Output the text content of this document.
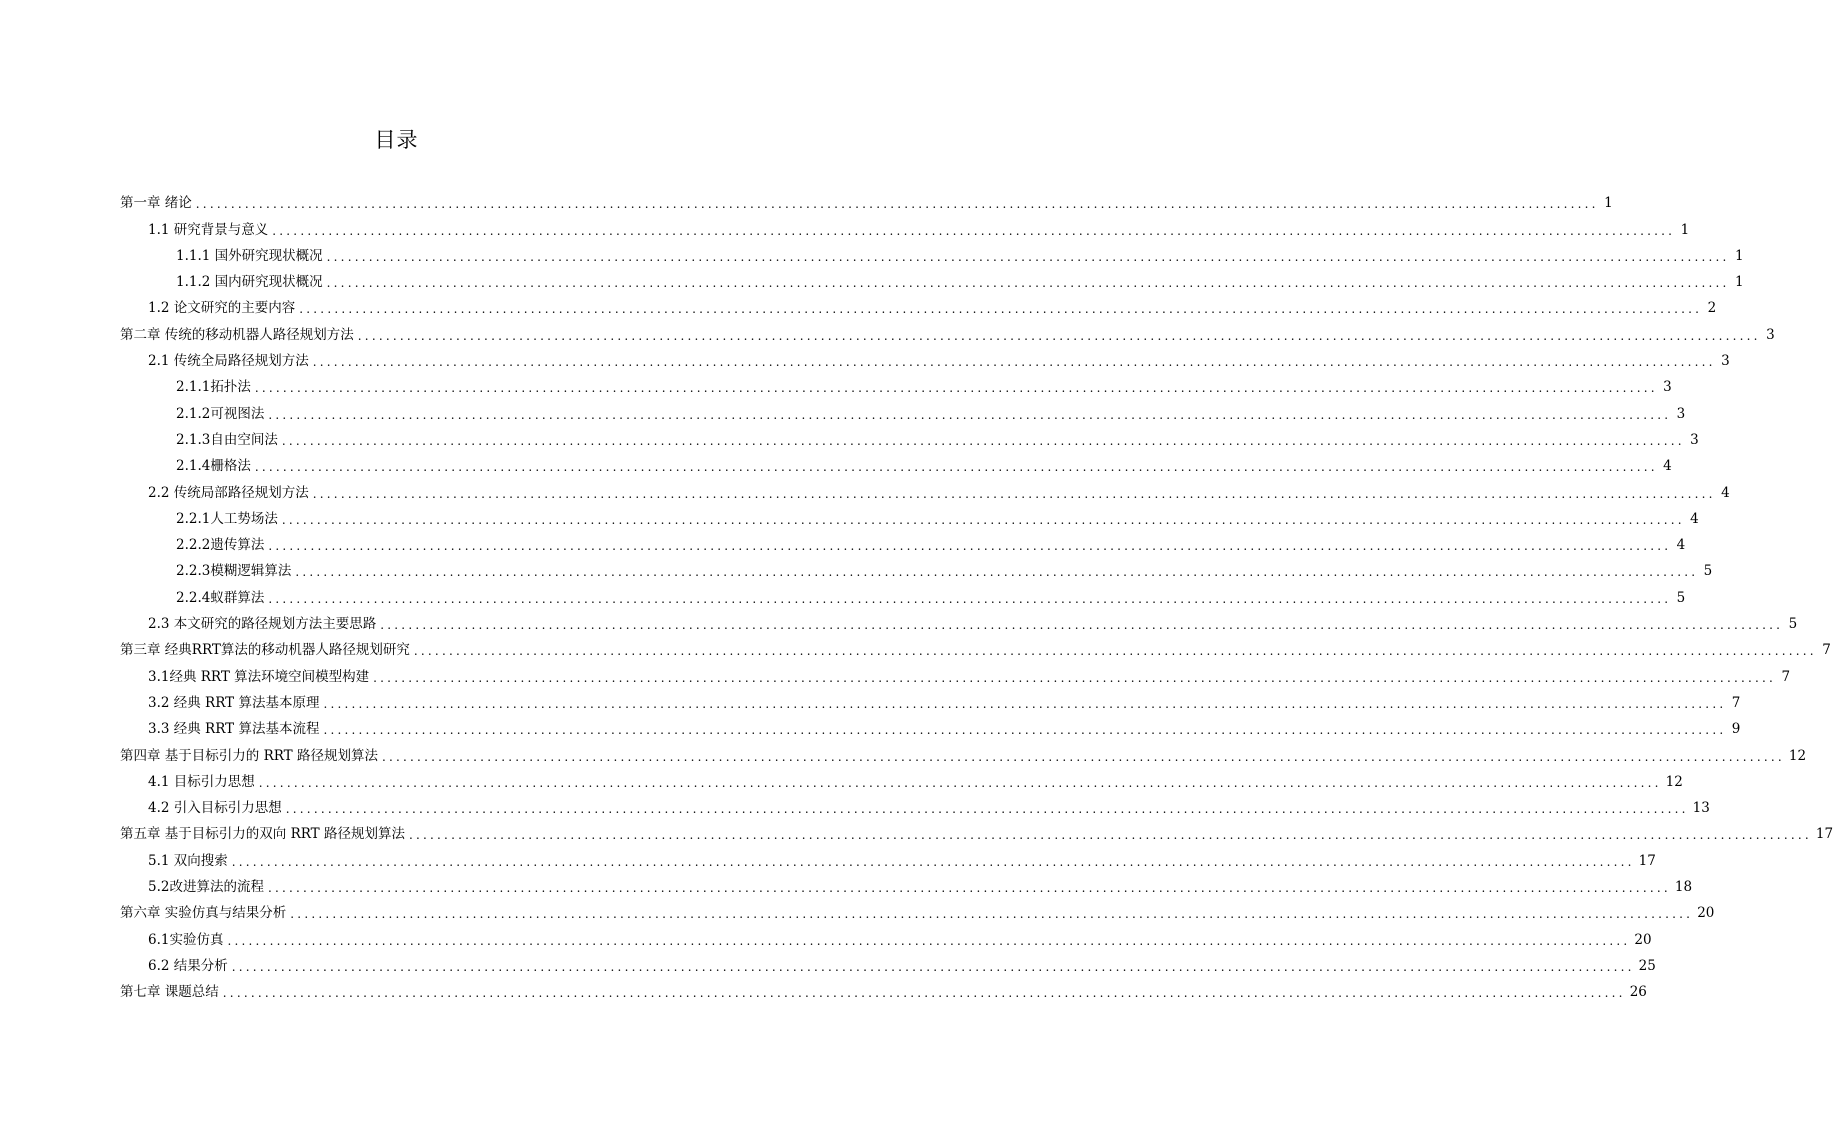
目录
第一章 绪论 ........................................................................................................................................................................................................ 1
1.1 研究背景与意义 ........................................................................................................................................................................................................ 1
1.1.1 国外研究现状概况 ........................................................................................................................................................................................................ 1
1.1.2 国内研究现状概况 ........................................................................................................................................................................................................ 1
1.2 论文研究的主要内容 ........................................................................................................................................................................................................ 2
第二章 传统的移动机器人路径规划方法 ........................................................................................................................................................................................................ 3
2.1 传统全局路径规划方法 ........................................................................................................................................................................................................ 3
2.1.1拓扑法 ........................................................................................................................................................................................................ 3
2.1.2可视图法 ........................................................................................................................................................................................................ 3
2.1.3自由空间法 ........................................................................................................................................................................................................ 3
2.1.4栅格法 ........................................................................................................................................................................................................ 4
2.2 传统局部路径规划方法 ........................................................................................................................................................................................................ 4
2.2.1人工势场法 ........................................................................................................................................................................................................ 4
2.2.2遗传算法 ........................................................................................................................................................................................................ 4
2.2.3模糊逻辑算法 ........................................................................................................................................................................................................ 5
2.2.4蚁群算法 ........................................................................................................................................................................................................ 5
2.3 本文研究的路径规划方法主要思路 ........................................................................................................................................................................................................ 5
第三章 经典RRT算法的移动机器人路径规划研究 ........................................................................................................................................................................................................ 7
3.1经典 RRT 算法环境空间模型构建 ........................................................................................................................................................................................................ 7
3.2 经典 RRT 算法基本原理 ........................................................................................................................................................................................................ 7
3.3 经典 RRT 算法基本流程 ........................................................................................................................................................................................................ 9
第四章 基于目标引力的 RRT 路径规划算法 ........................................................................................................................................................................................................ 12
4.1 目标引力思想 ........................................................................................................................................................................................................ 12
4.2 引入目标引力思想 ........................................................................................................................................................................................................ 13
第五章 基于目标引力的双向 RRT 路径规划算法 ........................................................................................................................................................................................................ 17
5.1 双向搜索 ........................................................................................................................................................................................................ 17
5.2改进算法的流程 ........................................................................................................................................................................................................ 18
第六章 实验仿真与结果分析 ........................................................................................................................................................................................................ 20
6.1实验仿真 ........................................................................................................................................................................................................ 20
6.2 结果分析 ........................................................................................................................................................................................................ 25
第七章 课题总结 ........................................................................................................................................................................................................ 26
